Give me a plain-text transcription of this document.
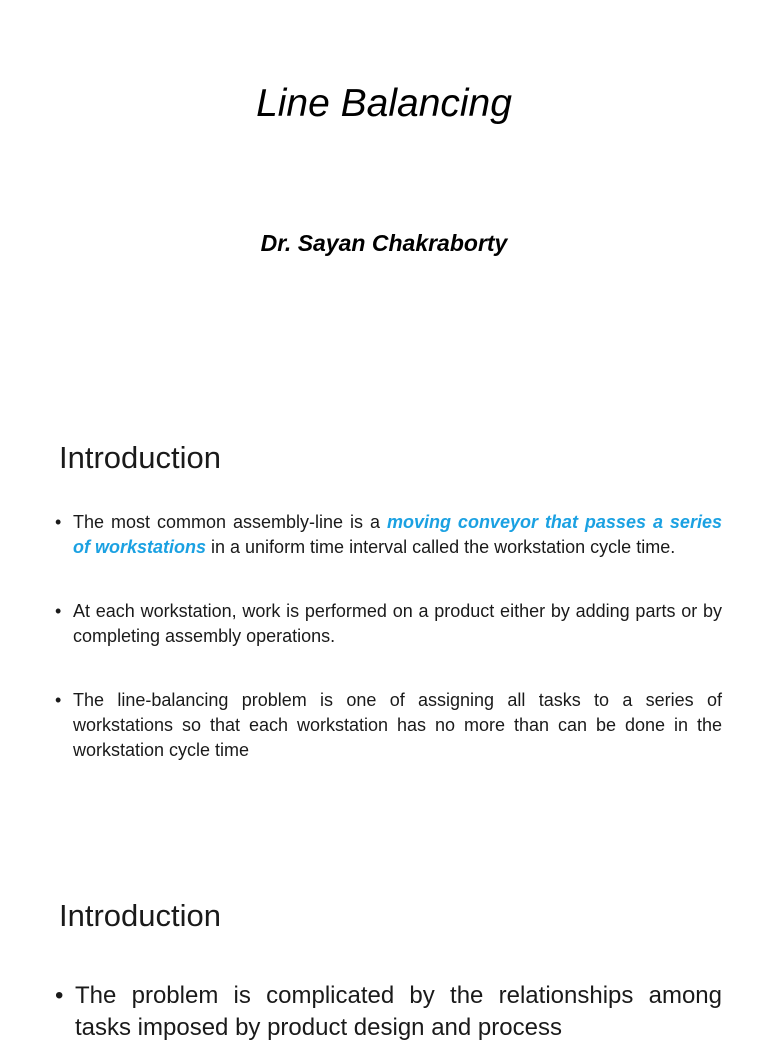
Line Balancing
Dr. Sayan Chakraborty
Introduction
• The most common assembly-line is a moving conveyor that passes a series of workstations in a uniform time interval called the workstation cycle time.
• At each workstation, work is performed on a product either by adding parts or by completing assembly operations.
• The line-balancing problem is one of assigning all tasks to a series of workstations so that each workstation has no more than can be done in the workstation cycle time
Introduction
• The problem is complicated by the relationships among tasks imposed by product design and process
